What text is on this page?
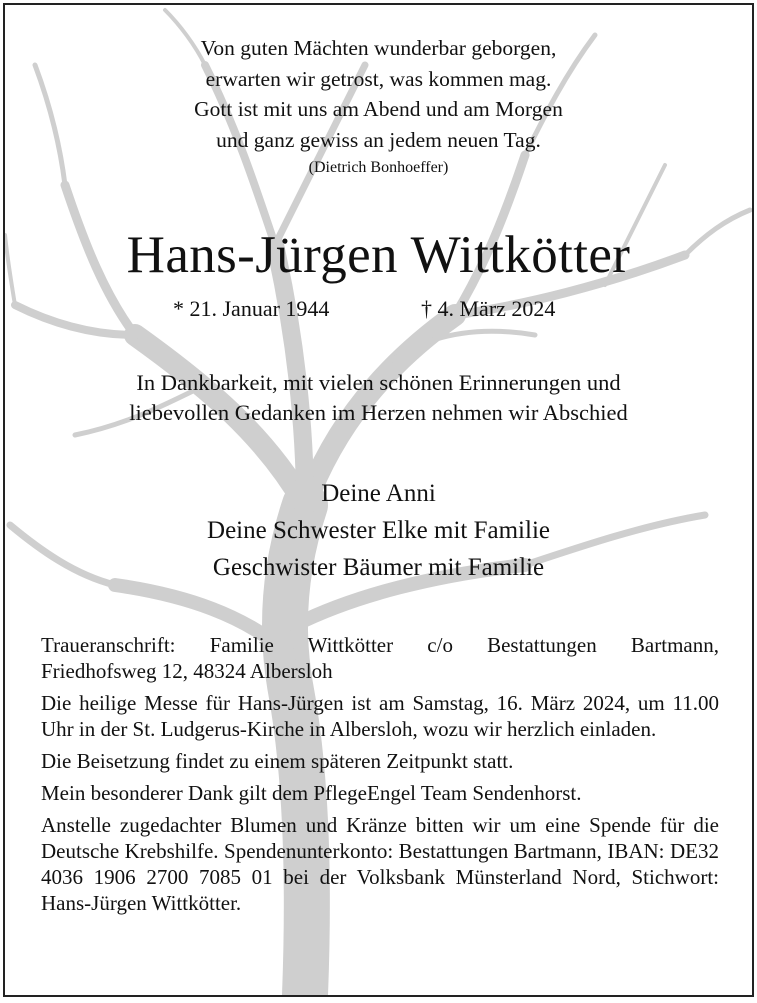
Von guten Mächten wunderbar geborgen,
erwarten wir getrost, was kommen mag.
Gott ist mit uns am Abend und am Morgen
und ganz gewiss an jedem neuen Tag.
(Dietrich Bonhoeffer)
Hans-Jürgen Wittkötter
* 21. Januar 1944	† 4. März 2024
In Dankbarkeit, mit vielen schönen Erinnerungen und
liebevollen Gedanken im Herzen nehmen wir Abschied
Deine Anni
Deine Schwester Elke mit Familie
Geschwister Bäumer mit Familie

Traueranschrift: Familie Wittkötter c/o Bestattungen Bartmann,
Friedhofsweg 12, 48324 Albersloh

Die heilige Messe für Hans-Jürgen ist am Samstag, 16. März 2024, um 11.00 Uhr in der St. Ludgerus-Kirche in Albersloh, wozu wir herzlich einladen.

Die Beisetzung findet zu einem späteren Zeitpunkt statt.

Mein besonderer Dank gilt dem PflegeEngel Team Sendenhorst.

Anstelle zugedachter Blumen und Kränze bitten wir um eine Spende für die Deutsche Krebshilfe. Spendenunterkonto: Bestattungen Bartmann, IBAN: DE32 4036 1906 2700 7085 01 bei der Volksbank Münsterland Nord, Stichwort: Hans-Jürgen Wittkötter.
